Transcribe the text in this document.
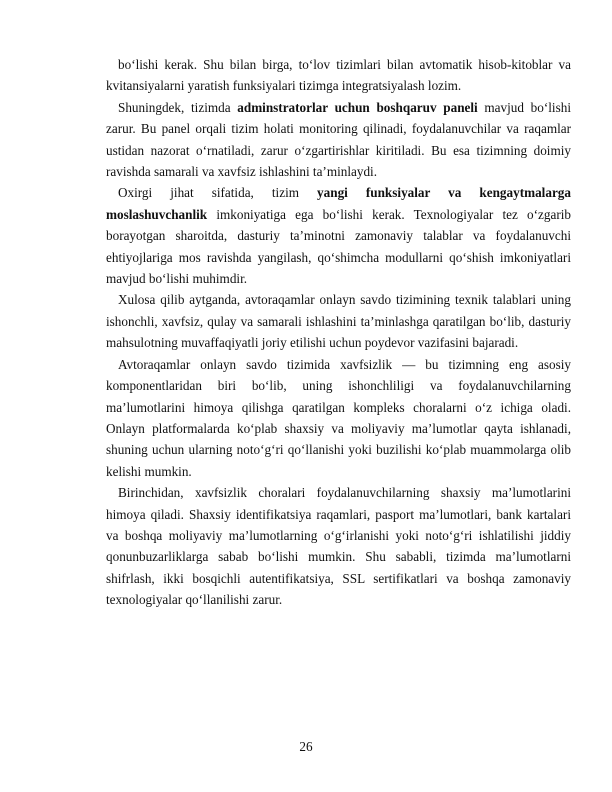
bo‘lishi kerak. Shu bilan birga, to‘lov tizimlari bilan avtomatik hisob-kitoblar va kvitansiyalarni yaratish funksiyalari tizimga integratsiyalash lozim.

Shuningdek, tizimda adminstratorlar uchun boshqaruv paneli mavjud bo‘lishi zarur. Bu panel orqali tizim holati monitoring qilinadi, foydalanuvchilar va raqamlar ustidan nazorat o‘rnatiladi, zarur o‘zgartirishlar kiritiladi. Bu esa tizimning doimiy ravishda samarali va xavfsiz ishlashini ta’minlaydi.

Oxirgi jihat sifatida, tizim yangi funksiyalar va kengaytmalarga moslashuvchanlik imkoniyatiga ega bo‘lishi kerak. Texnologiyalar tez o‘zgarib borayotgan sharoitda, dasturiy ta’minotni zamonaviy talablar va foydalanuvchi ehtiyojlariga mos ravishda yangilash, qo‘shimcha modullarni qo‘shish imkoniyatlari mavjud bo‘lishi muhimdir.

Xulosa qilib aytganda, avtoraqamlar onlayn savdo tizimining texnik talablari uning ishonchli, xavfsiz, qulay va samarali ishlashini ta’minlashga qaratilgan bo‘lib, dasturiy mahsulotning muvaffaqiyatli joriy etilishi uchun poydevor vazifasini bajaradi.

Avtoraqamlar onlayn savdo tizimida xavfsizlik — bu tizimning eng asosiy komponentlaridan biri bo‘lib, uning ishonchliligi va foydalanuvchilarning ma’lumotlarini himoya qilishga qaratilgan kompleks choralarni o‘z ichiga oladi. Onlayn platformalarda ko‘plab shaxsiy va moliyaviy ma’lumotlar qayta ishlanadi, shuning uchun ularning noto‘g‘ri qo‘llanishi yoki buzilishi ko‘plab muammolarga olib kelishi mumkin.

Birinchidan, xavfsizlik choralari foydalanuvchilarning shaxsiy ma’lumotlarini himoya qiladi. Shaxsiy identifikatsiya raqamlari, pasport ma’lumotlari, bank kartalari va boshqa moliyaviy ma’lumotlarning o‘g‘irlanishi yoki noto‘g‘ri ishlatilishi jiddiy qonunbuzarliklarga sabab bo‘lishi mumkin. Shu sababli, tizimda ma’lumotlarni shifrlash, ikki bosqichli autentifikatsiya, SSL sertifikatlari va boshqa zamonaviy texnologiyalar qo‘llanilishi zarur.

26
